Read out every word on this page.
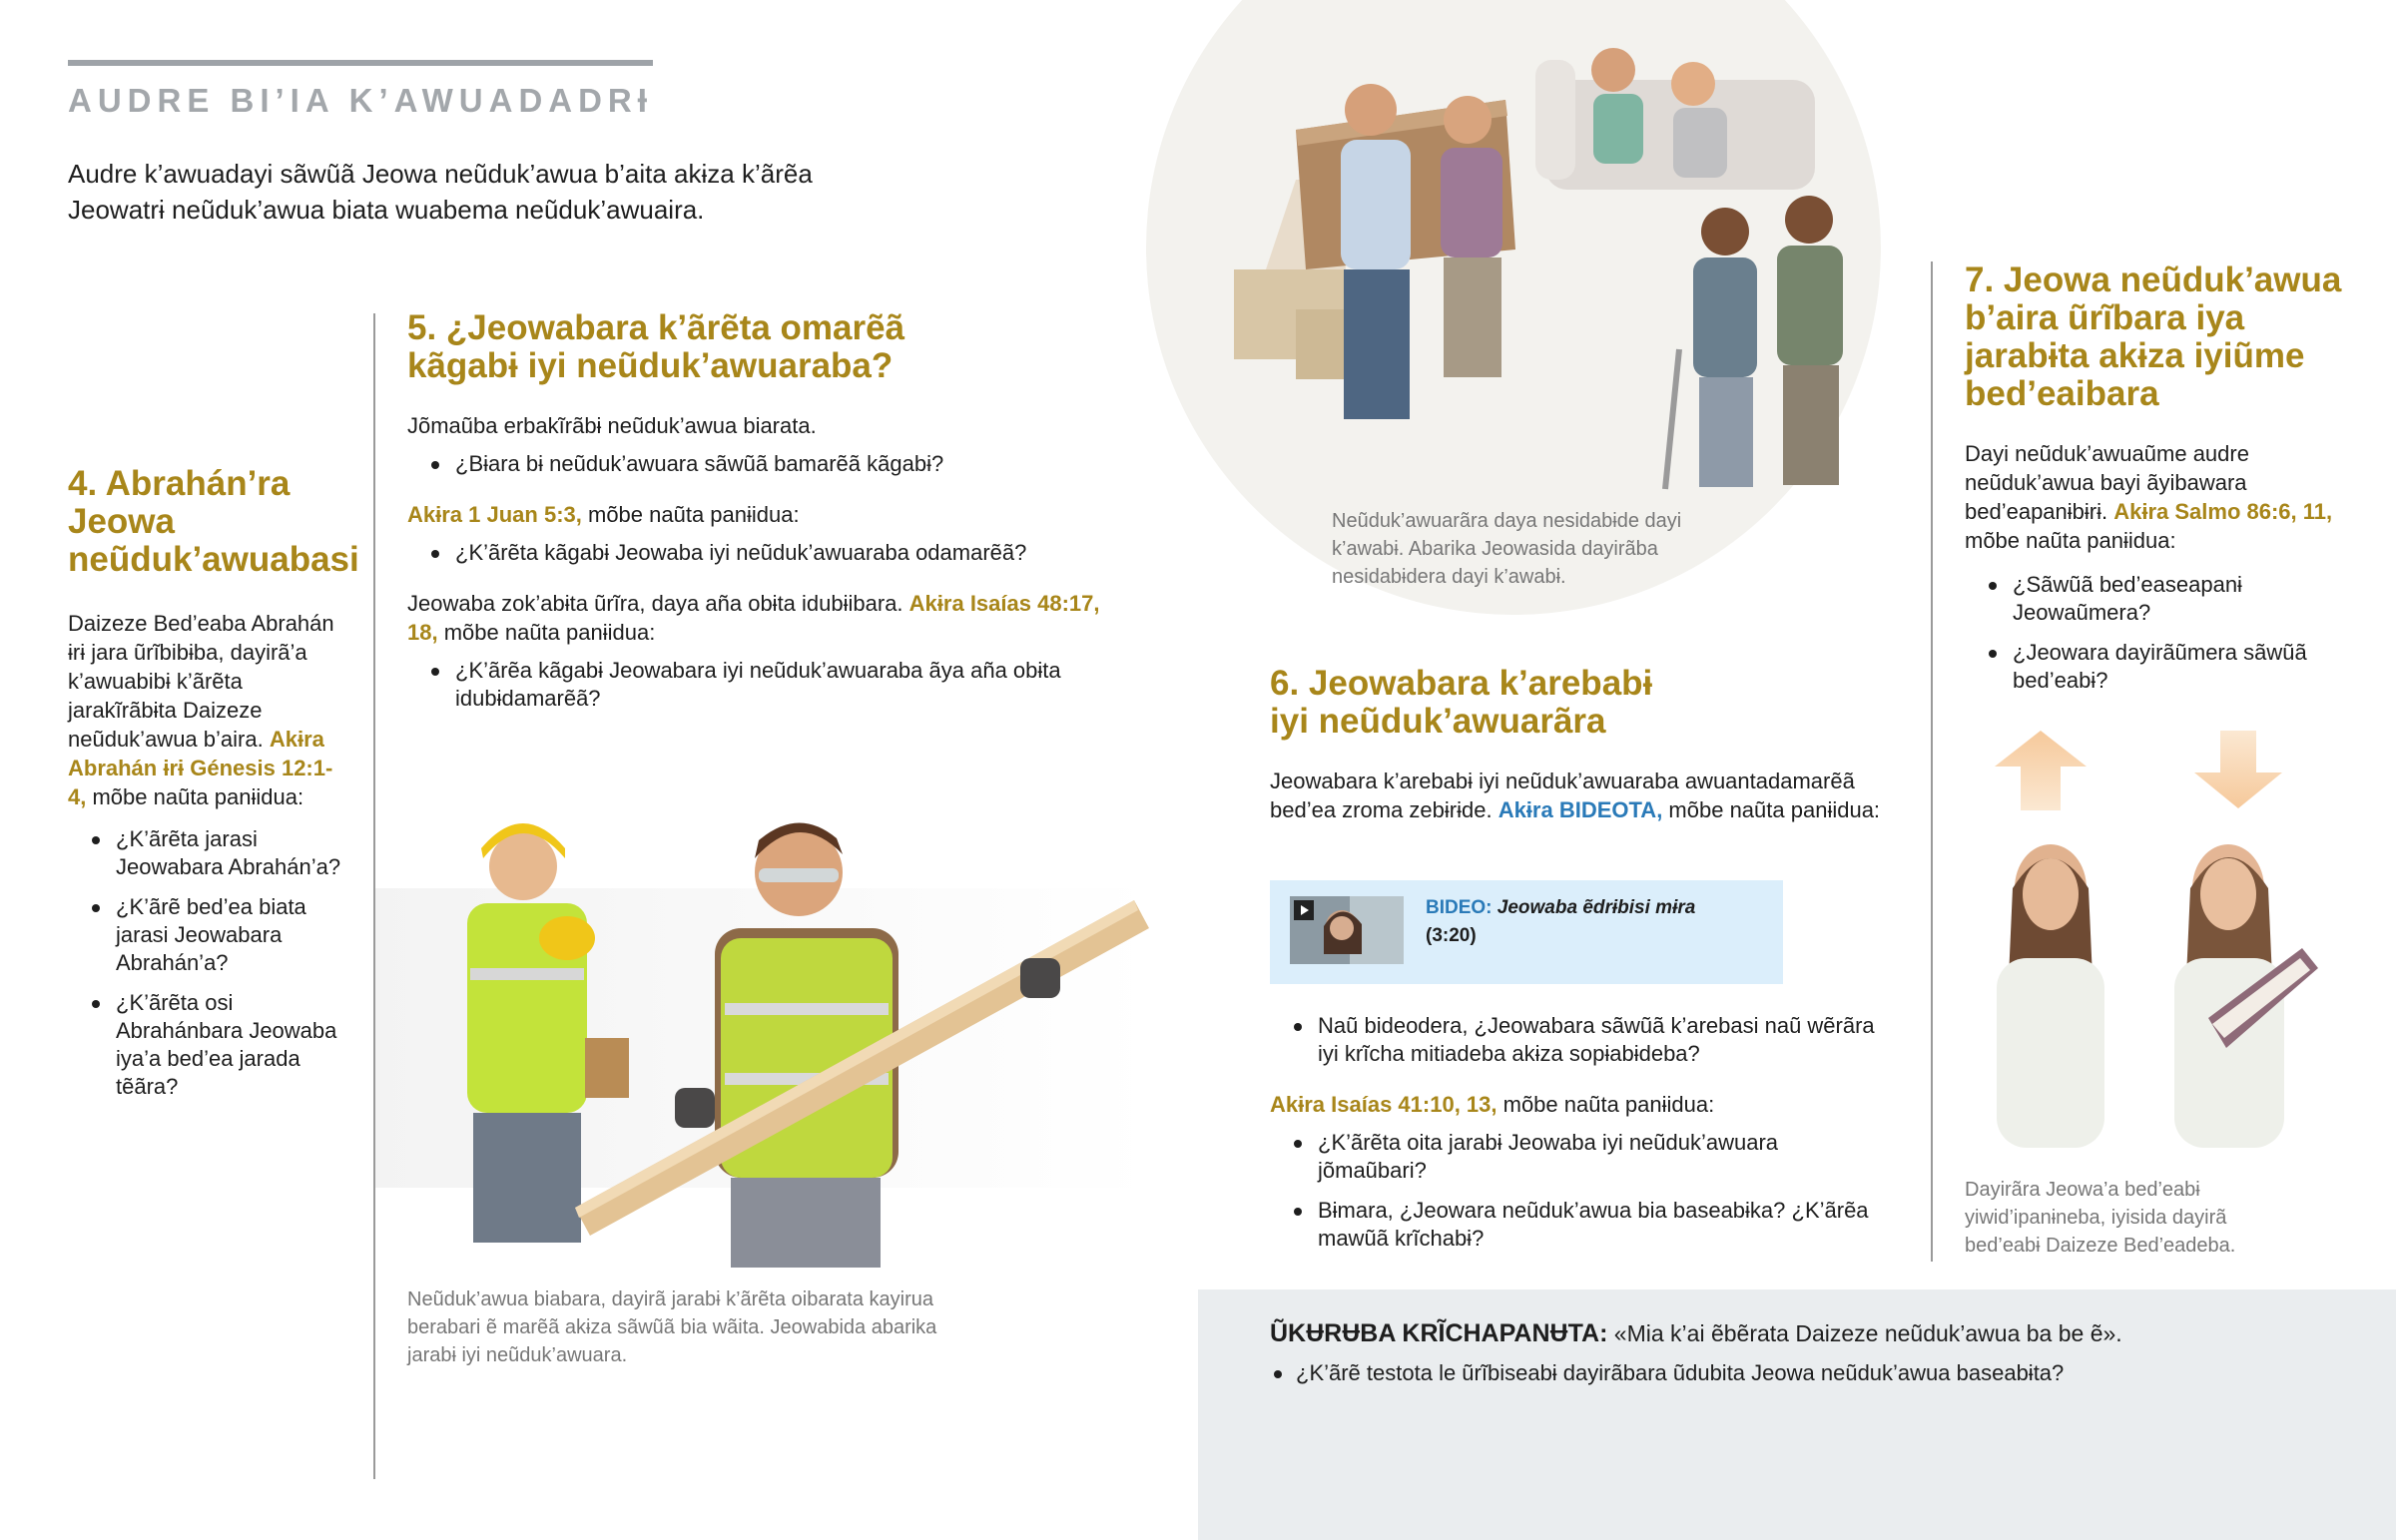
AUDRE BI’IA K’AWUADADRƗ
Audre k’awuadayi sãwũã Jeowa neũduk’awua b’aita akɨza k’ãrẽa
Jeowatrɨ neũduk’awua biata wuabema neũduk’awuaira.
4. Abrahán’ra Jeowa neũduk’awuabasi

Daizeze Bed’eaba Abrahán ɨrɨ jara ũrĩbibɨba, dayirã’a k’awuabibɨ k’ãrẽta jarakĩrãbɨta Daizeze neũduk’awua b’aira. Akɨra Abrahán ɨrɨ Génesis 12:1-4, mõbe naũta panɨidua:

¿K’ãrẽta jarasi Jeowabara Abrahán’a?
¿K’ãrẽ bed’ea biata jarasi Jeowabara Abrahán’a?
¿K’ãrẽta osi Abrahánbara Jeowaba iya’a bed’ea jarada tẽãra?
5. ¿Jeowabara k’ãrẽta omarẽã kãgabɨ iyi neũduk’awuaraba?

Jõmaũba erbakĩrãbɨ neũduk’awua biarata.

¿Bɨara bɨ neũduk’awuara sãwũã bamarẽã kãgabɨ?

Akɨra 1 Juan 5:3, mõbe naũta panɨidua:

¿K’ãrẽta kãgabɨ Jeowaba iyi neũduk’awuaraba odamarẽã?

Jeowaba zok’abɨta ũrĩra, daya aña obɨta idubɨibara. Akɨra Isaías 48:17, 18, mõbe naũta panɨidua:

¿K’ãrẽa kãgabɨ Jeowabara iyi neũduk’awuaraba ãya aña obɨta idubɨdamarẽã?

Neũduk’awua biabara, dayirã jarabɨ k’ãrẽta oibarata kayirua berabari ẽ marẽã akɨza sãwũã bia wãita. Jeowabida abarika jarabɨ iyi neũduk’awuara.

Neũduk’awuarãra daya nesidabɨde dayi k’awabɨ. Abarika Jeowasida dayirãba nesidabɨdera dayi k’awabɨ.

6. Jeowabara k’arebabɨ iyi neũduk’awuarãra

Jeowabara k’arebabɨ iyi neũduk’awuaraba awuantadamarẽã bed’ea zroma zebɨrɨde. Akɨra BIDEOTA, mõbe naũta panɨidua:

BIDEO: Jeowaba ẽdrɨbisi mɨra
(3:20)
Naũ bideodera, ¿Jeowabara sãwũã k’arebasi naũ wẽrãra iyi krĩcha mitiadeba akɨza sopɨabɨdeba?

Akɨra Isaías 41:10, 13, mõbe naũta panɨidua:

¿K’ãrẽta oita jarabɨ Jeowaba iyi neũduk’awuara jõmaũbari?
Bɨmara, ¿Jeowara neũduk’awua bia baseabɨka? ¿K’ãrẽa mawũã krĩchabɨ?
7. Jeowa neũduk’awua b’aira ũrĩbara iya jarabɨta akɨza iyiũme bed’eaibara

Dayi neũduk’awuaũme audre neũduk’awua bayi ãyibawara bed’eapanɨbɨrɨ. Akɨra Salmo 86:6, 11, mõbe naũta panɨidua:

¿Sãwũã bed’easeapanɨ Jeowaũmera?
¿Jeowara dayirãũmera sãwũã bed’eabɨ?

Dayirãra Jeowa’a bed’eabɨ yiwid’ipanɨneba, iyisida dayirã bed’eabɨ Daizeze Bed’eadeba.

ŨKɄRɄBA KRĨCHAPANɄTA: «Mia k’ai ẽbẽrata Daizeze neũduk’awua ba be ẽ».

¿K’ãrẽ testota le ũrĩbiseabɨ dayirãbara ũdubita Jeowa neũduk’awua baseabɨta?
